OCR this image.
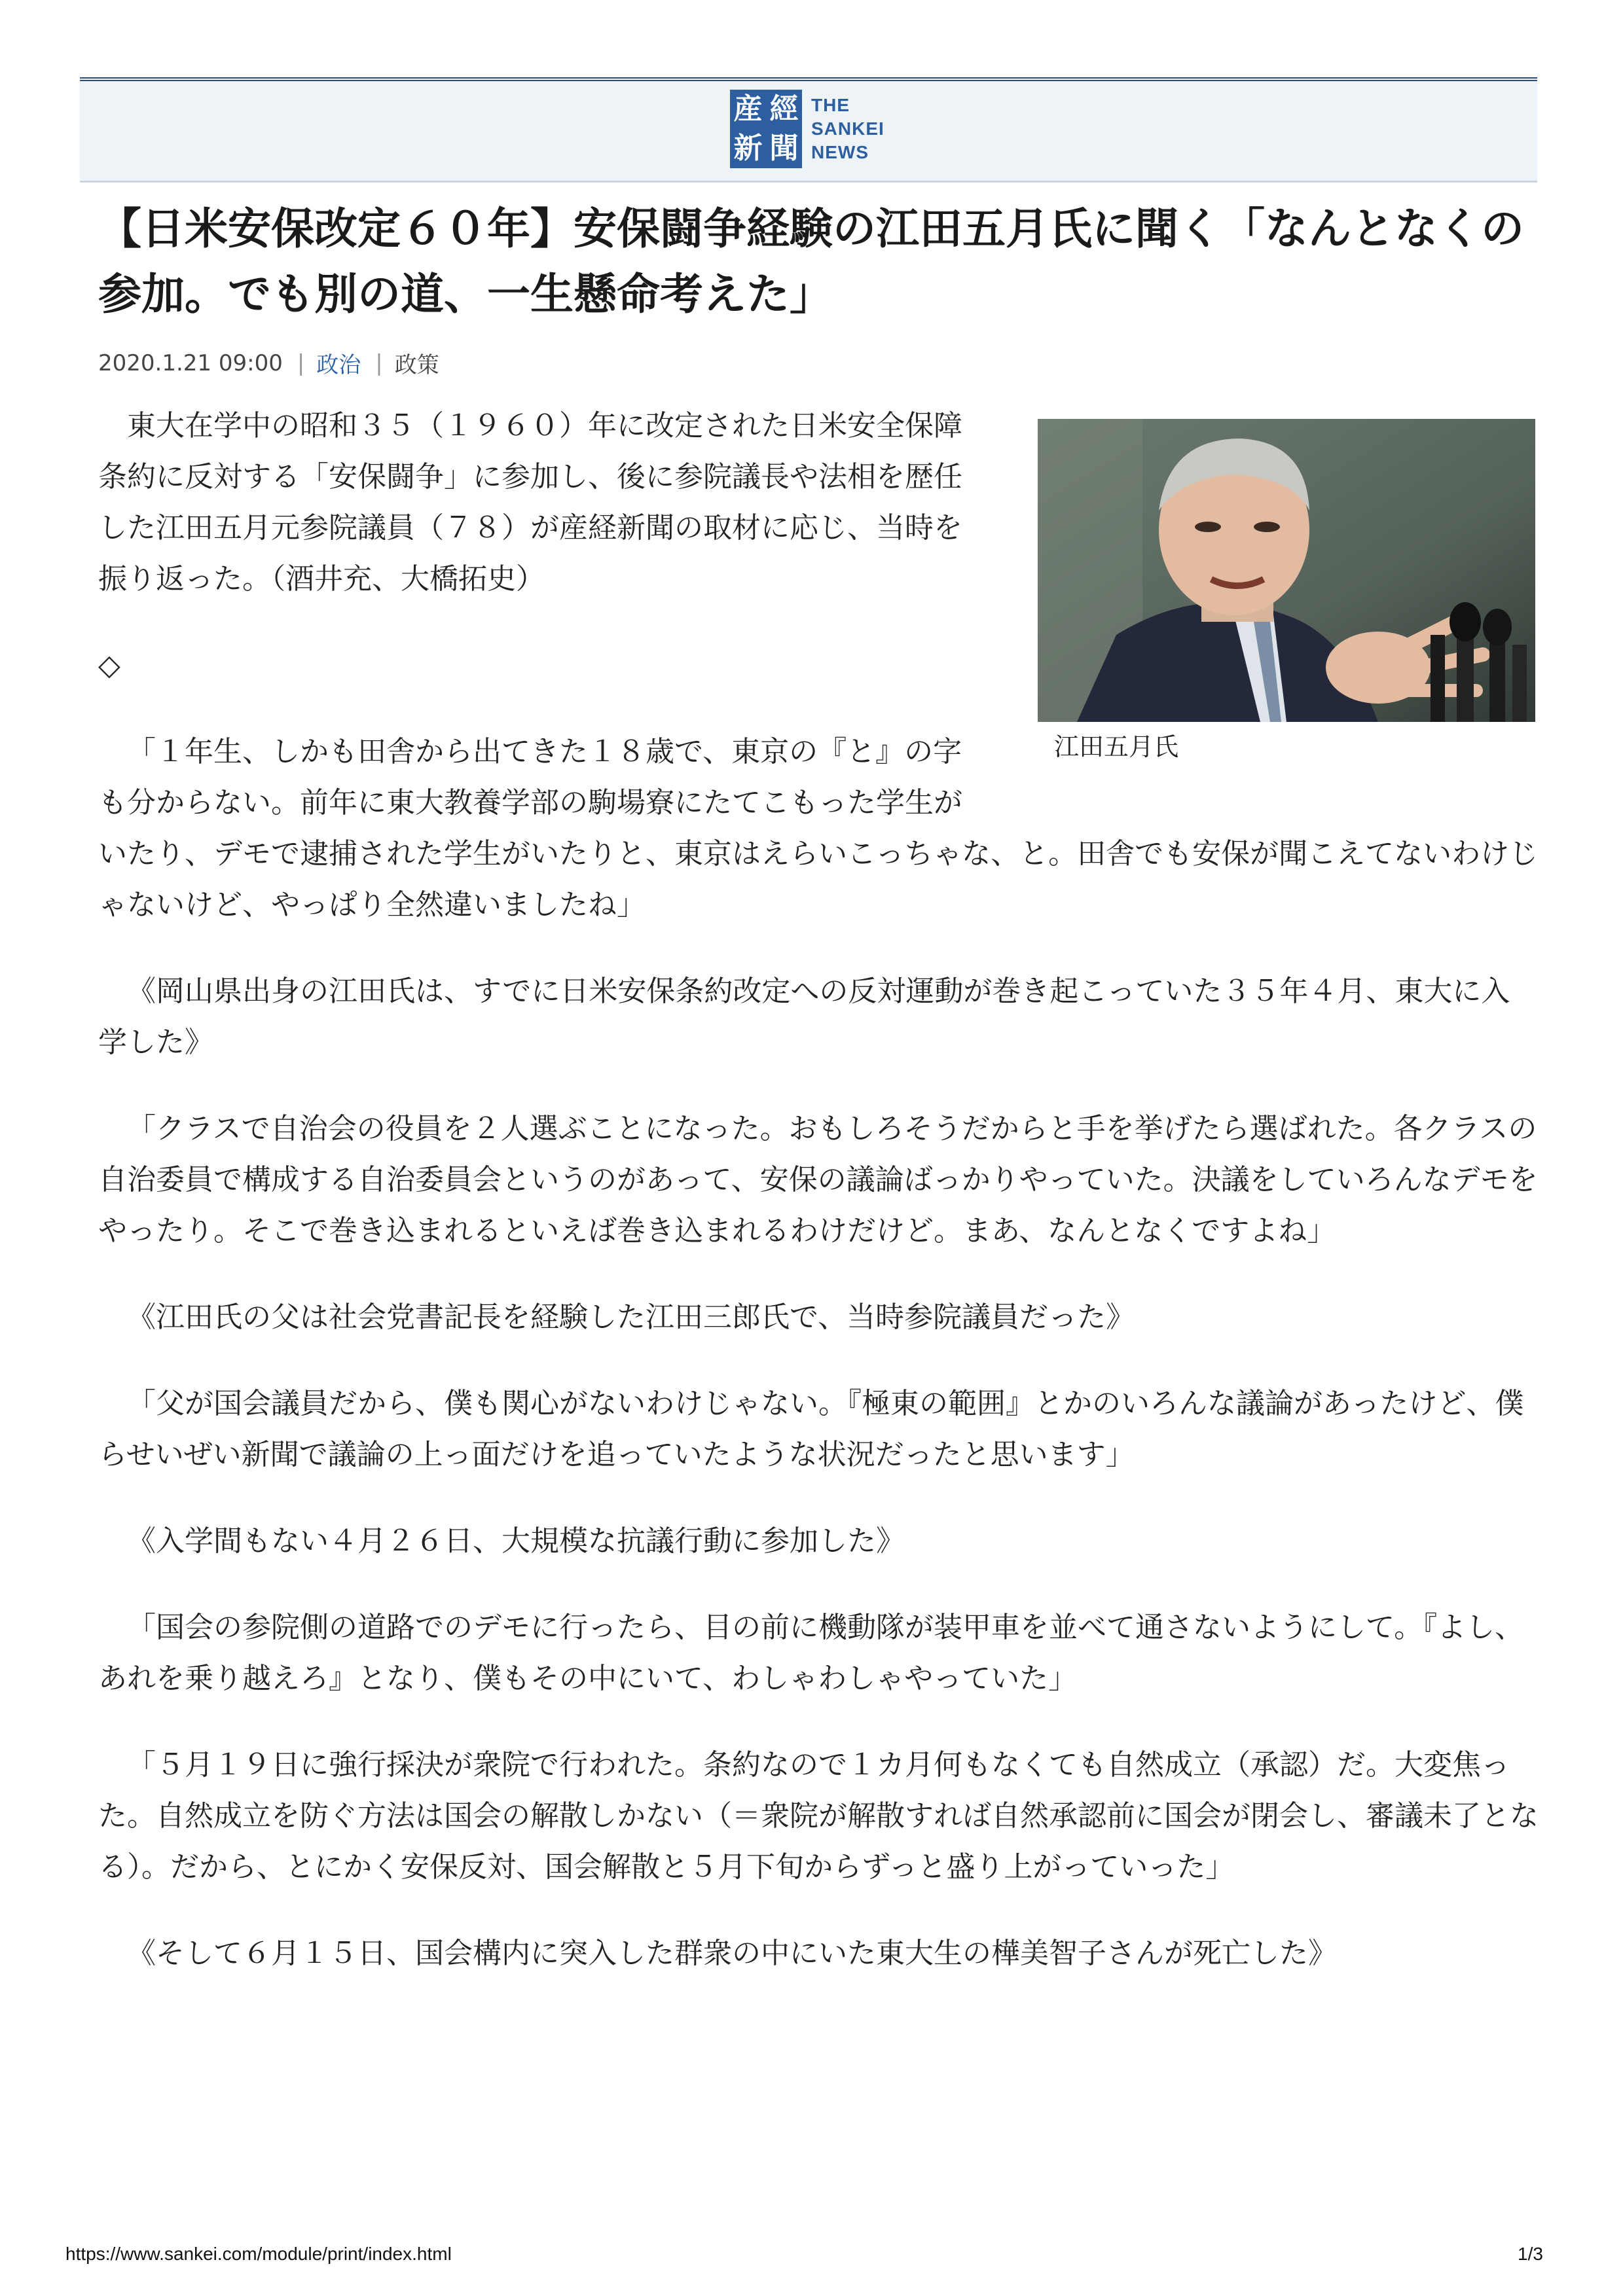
産 經
新 聞
THE
SANKEI
NEWS
【日米安保改定６０年】安保闘争経験の江田五月氏に聞く「なんとなくの参加。でも別の道、一生懸命考えた」
2020.1.21 09:00 | 政治 | 政策
江田五月氏

東大在学中の昭和３５（１９６０）年に改定された日米安全保障条約に反対する「安保闘争」に参加し、後に参院議長や法相を歴任した江田五月元参院議員（７８）が産経新聞の取材に応じ、当時を振り返った。（酒井充、大橋拓史）

◇

「１年生、しかも田舎から出てきた１８歳で、東京の『と』の字も分からない。前年に東大教養学部の駒場寮にたてこもった学生がいたり、デモで逮捕された学生がいたりと、東京はえらいこっちゃな、と。田舎でも安保が聞こえてないわけじゃないけど、やっぱり全然違いましたね」

《岡山県出身の江田氏は、すでに日米安保条約改定への反対運動が巻き起こっていた３５年４月、東大に入学した》

「クラスで自治会の役員を２人選ぶことになった。おもしろそうだからと手を挙げたら選ばれた。各クラスの自治委員で構成する自治委員会というのがあって、安保の議論ばっかりやっていた。決議をしていろんなデモをやったり。そこで巻き込まれるといえば巻き込まれるわけだけど。まあ、なんとなくですよね」

《江田氏の父は社会党書記長を経験した江田三郎氏で、当時参院議員だった》

「父が国会議員だから、僕も関心がないわけじゃない。『極東の範囲』とかのいろんな議論があったけど、僕らせいぜい新聞で議論の上っ面だけを追っていたような状況だったと思います」

《入学間もない４月２６日、大規模な抗議行動に参加した》

「国会の参院側の道路でのデモに行ったら、目の前に機動隊が装甲車を並べて通さないようにして。『よし、あれを乗り越えろ』となり、僕もその中にいて、わしゃわしゃやっていた」

「５月１９日に強行採決が衆院で行われた。条約なので１カ月何もなくても自然成立（承認）だ。大変焦った。自然成立を防ぐ方法は国会の解散しかない（＝衆院が解散すれば自然承認前に国会が閉会し、審議未了となる）。だから、とにかく安保反対、国会解散と５月下旬からずっと盛り上がっていった」

《そして６月１５日、国会構内に突入した群衆の中にいた東大生の樺美智子さんが死亡した》

https://www.sankei.com/module/print/index.html	1/3
